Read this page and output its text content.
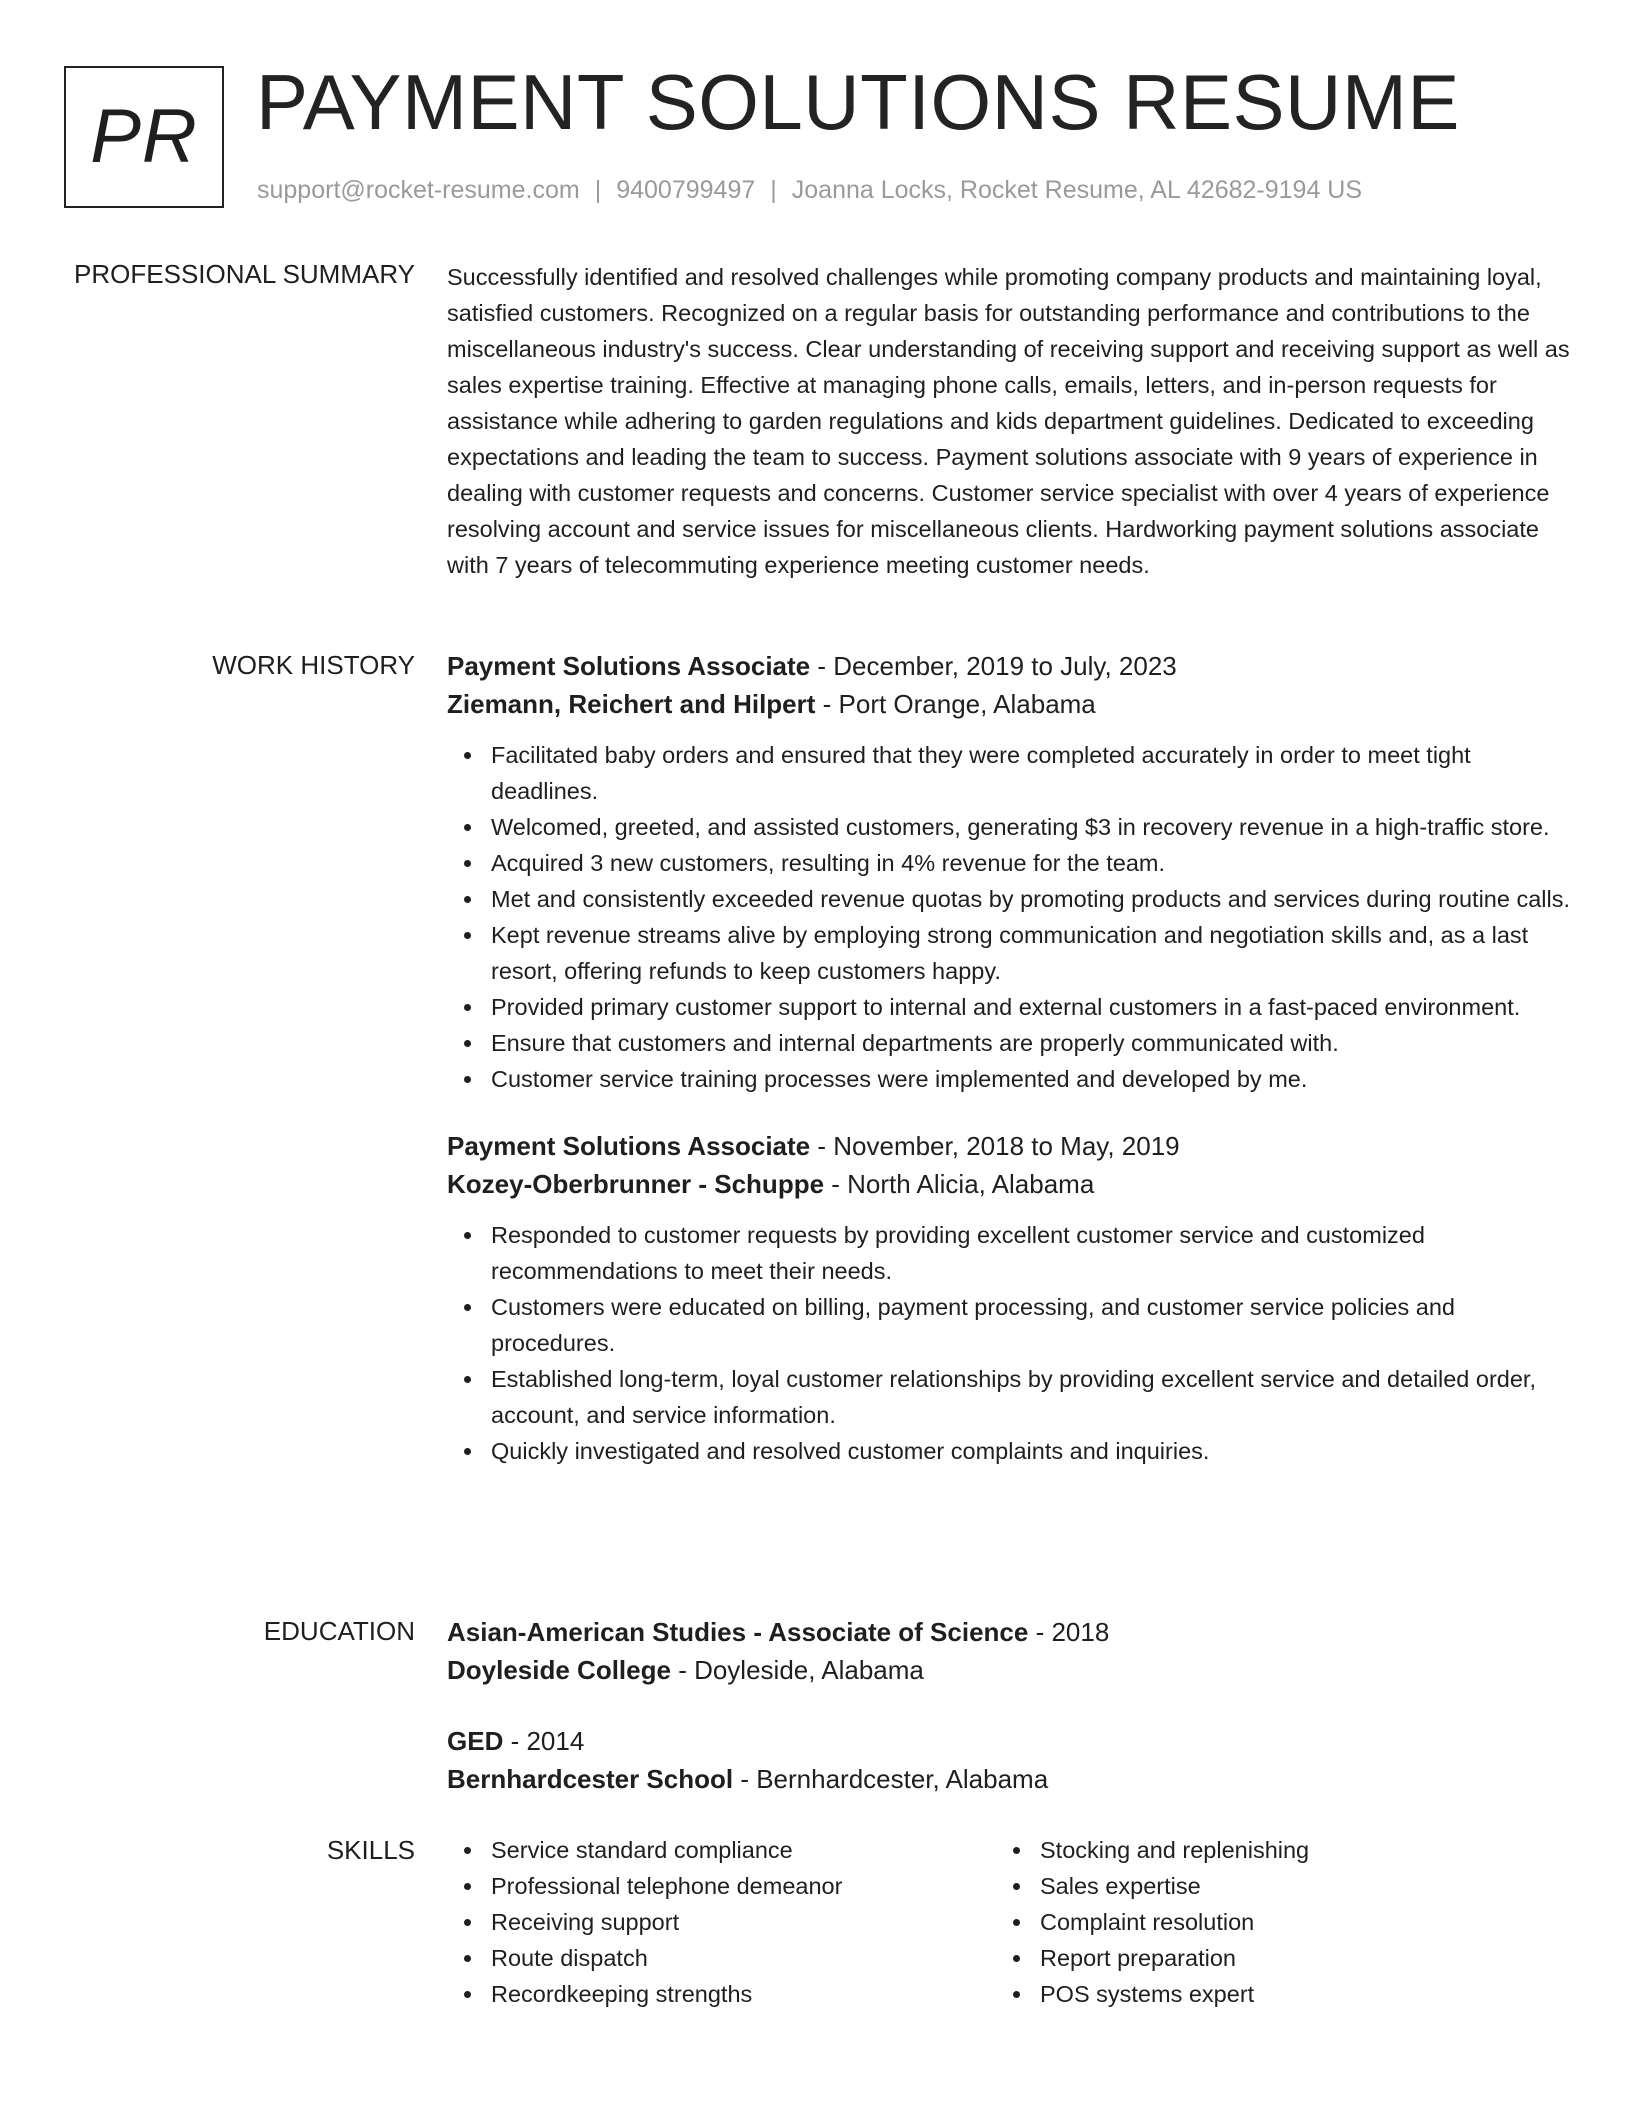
PR PAYMENT SOLUTIONS RESUME
support@rocket-resume.com | 9400799497 | Joanna Locks, Rocket Resume, AL 42682-9194 US
PROFESSIONAL SUMMARY Successfully identified and resolved challenges while promoting company products and maintaining loyal, satisfied customers. Recognized on a regular basis for outstanding performance and contributions to the miscellaneous industry's success. Clear understanding of receiving support and receiving support as well as sales expertise training. Effective at managing phone calls, emails, letters, and in-person requests for assistance while adhering to garden regulations and kids department guidelines. Dedicated to exceeding expectations and leading the team to success. Payment solutions associate with 9 years of experience in dealing with customer requests and concerns. Customer service specialist with over 4 years of experience resolving account and service issues for miscellaneous clients. Hardworking payment solutions associate with 7 years of telecommuting experience meeting customer needs.

WORK HISTORY Payment Solutions Associate - December, 2019 to July, 2023
Ziemann, Reichert and Hilpert - Port Orange, Alabama
Facilitated baby orders and ensured that they were completed accurately in order to meet tight deadlines.
Welcomed, greeted, and assisted customers, generating $3 in recovery revenue in a high-traffic store.
Acquired 3 new customers, resulting in 4% revenue for the team.
Met and consistently exceeded revenue quotas by promoting products and services during routine calls.
Kept revenue streams alive by employing strong communication and negotiation skills and, as a last resort, offering refunds to keep customers happy.
Provided primary customer support to internal and external customers in a fast-paced environment.
Ensure that customers and internal departments are properly communicated with.
Customer service training processes were implemented and developed by me.
Payment Solutions Associate - November, 2018 to May, 2019
Kozey-Oberbrunner - Schuppe - North Alicia, Alabama
Responded to customer requests by providing excellent customer service and customized recommendations to meet their needs.
Customers were educated on billing, payment processing, and customer service policies and procedures.
Established long-term, loyal customer relationships by providing excellent service and detailed order, account, and service information.
Quickly investigated and resolved customer complaints and inquiries.
EDUCATION Asian-American Studies - Associate of Science - 2018
Doyleside College - Doyleside, Alabama
GED - 2014
Bernhardcester School - Bernhardcester, Alabama
SKILLS	Service standard compliance
Professional telephone demeanor
Receiving support
Route dispatch
Recordkeeping strengths
Stocking and replenishing
Sales expertise
Complaint resolution
Report preparation
POS systems expert
